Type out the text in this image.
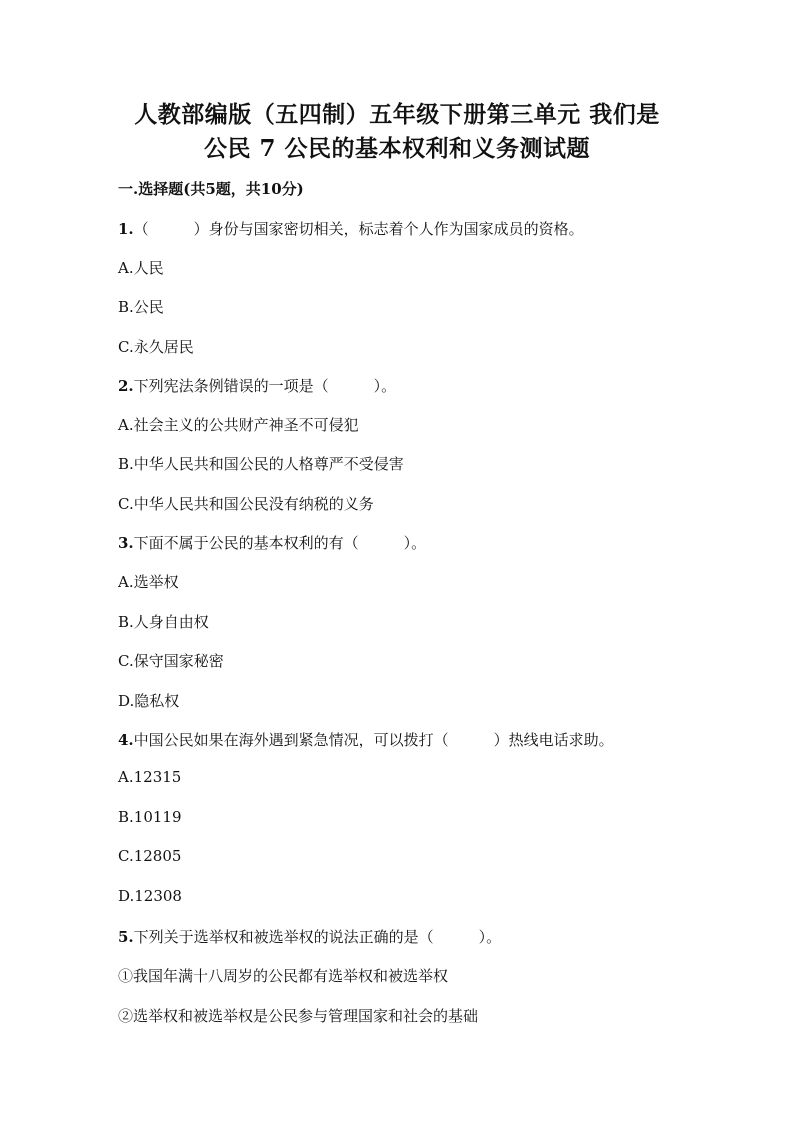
人教部编版（五四制）五年级下册第三单元 我们是
公民 7 公民的基本权利和义务测试题
一.选择题(共5题，共10分)
1.（　　　）身份与国家密切相关，标志着个人作为国家成员的资格。
A.人民
B.公民
C.永久居民
2.下列宪法条例错误的一项是（　　　）。
A.社会主义的公共财产神圣不可侵犯
B.中华人民共和国公民的人格尊严不受侵害
C.中华人民共和国公民没有纳税的义务
3.下面不属于公民的基本权利的有（　　　）。
A.选举权
B.人身自由权
C.保守国家秘密
D.隐私权
4.中国公民如果在海外遇到紧急情况，可以拨打（　　　）热线电话求助。
A.12315
B.10119
C.12805
D.12308
5.下列关于选举权和被选举权的说法正确的是（　　　）。
①我国年满十八周岁的公民都有选举权和被选举权
②选举权和被选举权是公民参与管理国家和社会的基础
